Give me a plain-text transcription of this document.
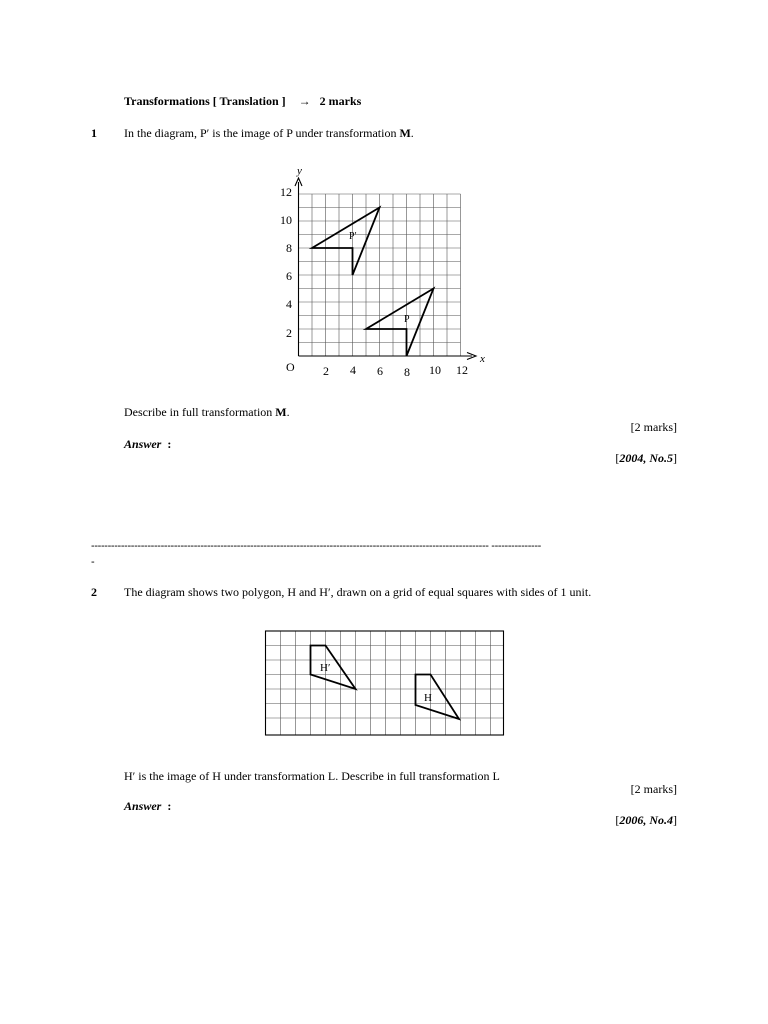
Transformations [ Translation ] → 2 marks
1 In the diagram, P′ is the image of P under transformation M.
y
x
O
12
10
8
6
4
2
2 4 6 8 10 12
P′
P
Describe in full transformation M.
[2 marks]
Answer :
[2004, No.5]
------------------------------------------------------------------------------------------------------------------------ ---------------
-
2 The diagram shows two polygon, H and H′, drawn on a grid of equal squares with sides of 1 unit.
H′
H
H′ is the image of H under transformation L. Describe in full transformation L
[2 marks]
Answer :
[2006, No.4]
